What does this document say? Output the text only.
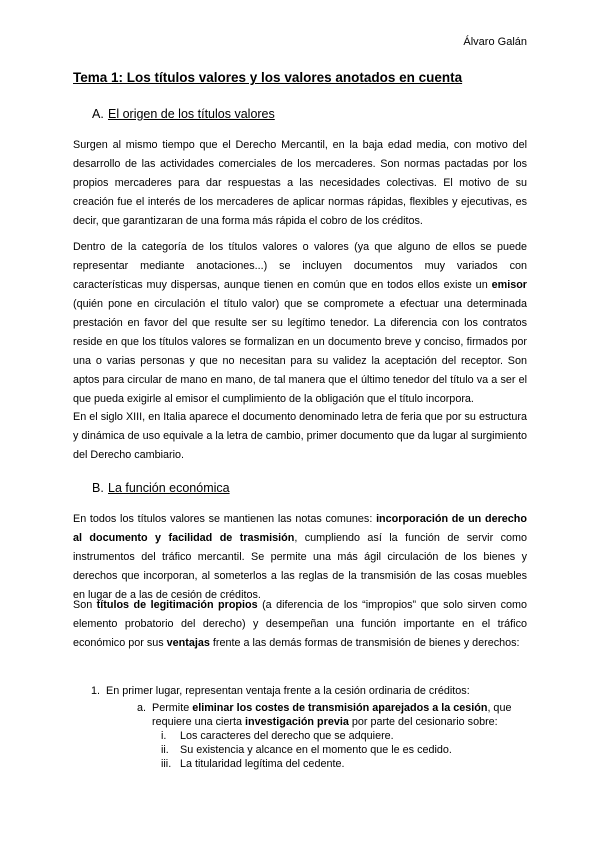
Álvaro Galán
Tema 1: Los títulos valores y los valores anotados en cuenta
A. El origen de los títulos valores

Surgen al mismo tiempo que el Derecho Mercantil, en la baja edad media, con motivo del desarrollo de las actividades comerciales de los mercaderes. Son normas pactadas por los propios mercaderes para dar respuestas a las necesidades colectivas. El motivo de su creación fue el interés de los mercaderes de aplicar normas rápidas, flexibles y ejecutivas, es decir, que garantizaran de una forma más rápida el cobro de los créditos.

Dentro de la categoría de los títulos valores o valores (ya que alguno de ellos se puede representar mediante anotaciones...) se incluyen documentos muy variados con características muy dispersas, aunque tienen en común que en todos ellos existe un emisor (quién pone en circulación el título valor) que se compromete a efectuar una determinada prestación en favor del que resulte ser su legítimo tenedor. La diferencia con los contratos reside en que los títulos valores se formalizan en un documento breve y conciso, firmados por una o varias personas y que no necesitan para su validez la aceptación del receptor. Son aptos para circular de mano en mano, de tal manera que el último tenedor del título va a ser el que pueda exigirle al emisor el cumplimiento de la obligación que el título incorpora.

En el siglo XIII, en Italia aparece el documento denominado letra de feria que por su estructura y dinámica de uso equivale a la letra de cambio, primer documento que da lugar al surgimiento del Derecho cambiario.

B. La función económica

En todos los títulos valores se mantienen las notas comunes: incorporación de un derecho al documento y facilidad de trasmisión, cumpliendo así la función de servir como instrumentos del tráfico mercantil. Se permite una más ágil circulación de los bienes y derechos que incorporan, al someterlos a las reglas de la transmisión de las cosas muebles en lugar de a las de cesión de créditos.

Son títulos de legitimación propios (a diferencia de los “impropios” que solo sirven como elemento probatorio del derecho) y desempeñan una función importante en el tráfico económico por sus ventajas frente a las demás formas de transmisión de bienes y derechos:

1. En primer lugar, representan ventaja frente a la cesión ordinaria de créditos:
a. Permite eliminar los costes de transmisión aparejados a la cesión, que requiere una cierta investigación previa por parte del cesionario sobre:
i. Los caracteres del derecho que se adquiere.
ii. Su existencia y alcance en el momento que le es cedido.
iii. La titularidad legítima del cedente.
